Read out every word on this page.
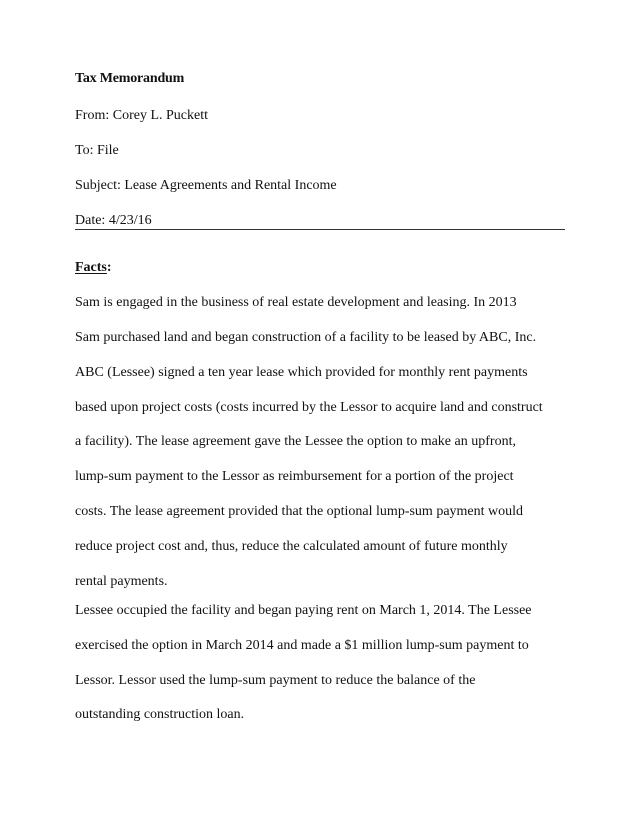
Tax Memorandum
From: Corey L. Puckett
To: File
Subject: Lease Agreements and Rental Income
Date: 4/23/16
Facts:
Sam is engaged in the business of real estate development and leasing. In 2013
Sam purchased land and began construction of a facility to be leased by ABC, Inc.
ABC (Lessee) signed a ten year lease which provided for monthly rent payments
based upon project costs (costs incurred by the Lessor to acquire land and construct
a facility). The lease agreement gave the Lessee the option to make an upfront,
lump-sum payment to the Lessor as reimbursement for a portion of the project
costs. The lease agreement provided that the optional lump-sum payment would
reduce project cost and, thus, reduce the calculated amount of future monthly
rental payments.
Lessee occupied the facility and began paying rent on March 1, 2014. The Lessee
exercised the option in March 2014 and made a $1 million lump-sum payment to
Lessor. Lessor used the lump-sum payment to reduce the balance of the
outstanding construction loan.
